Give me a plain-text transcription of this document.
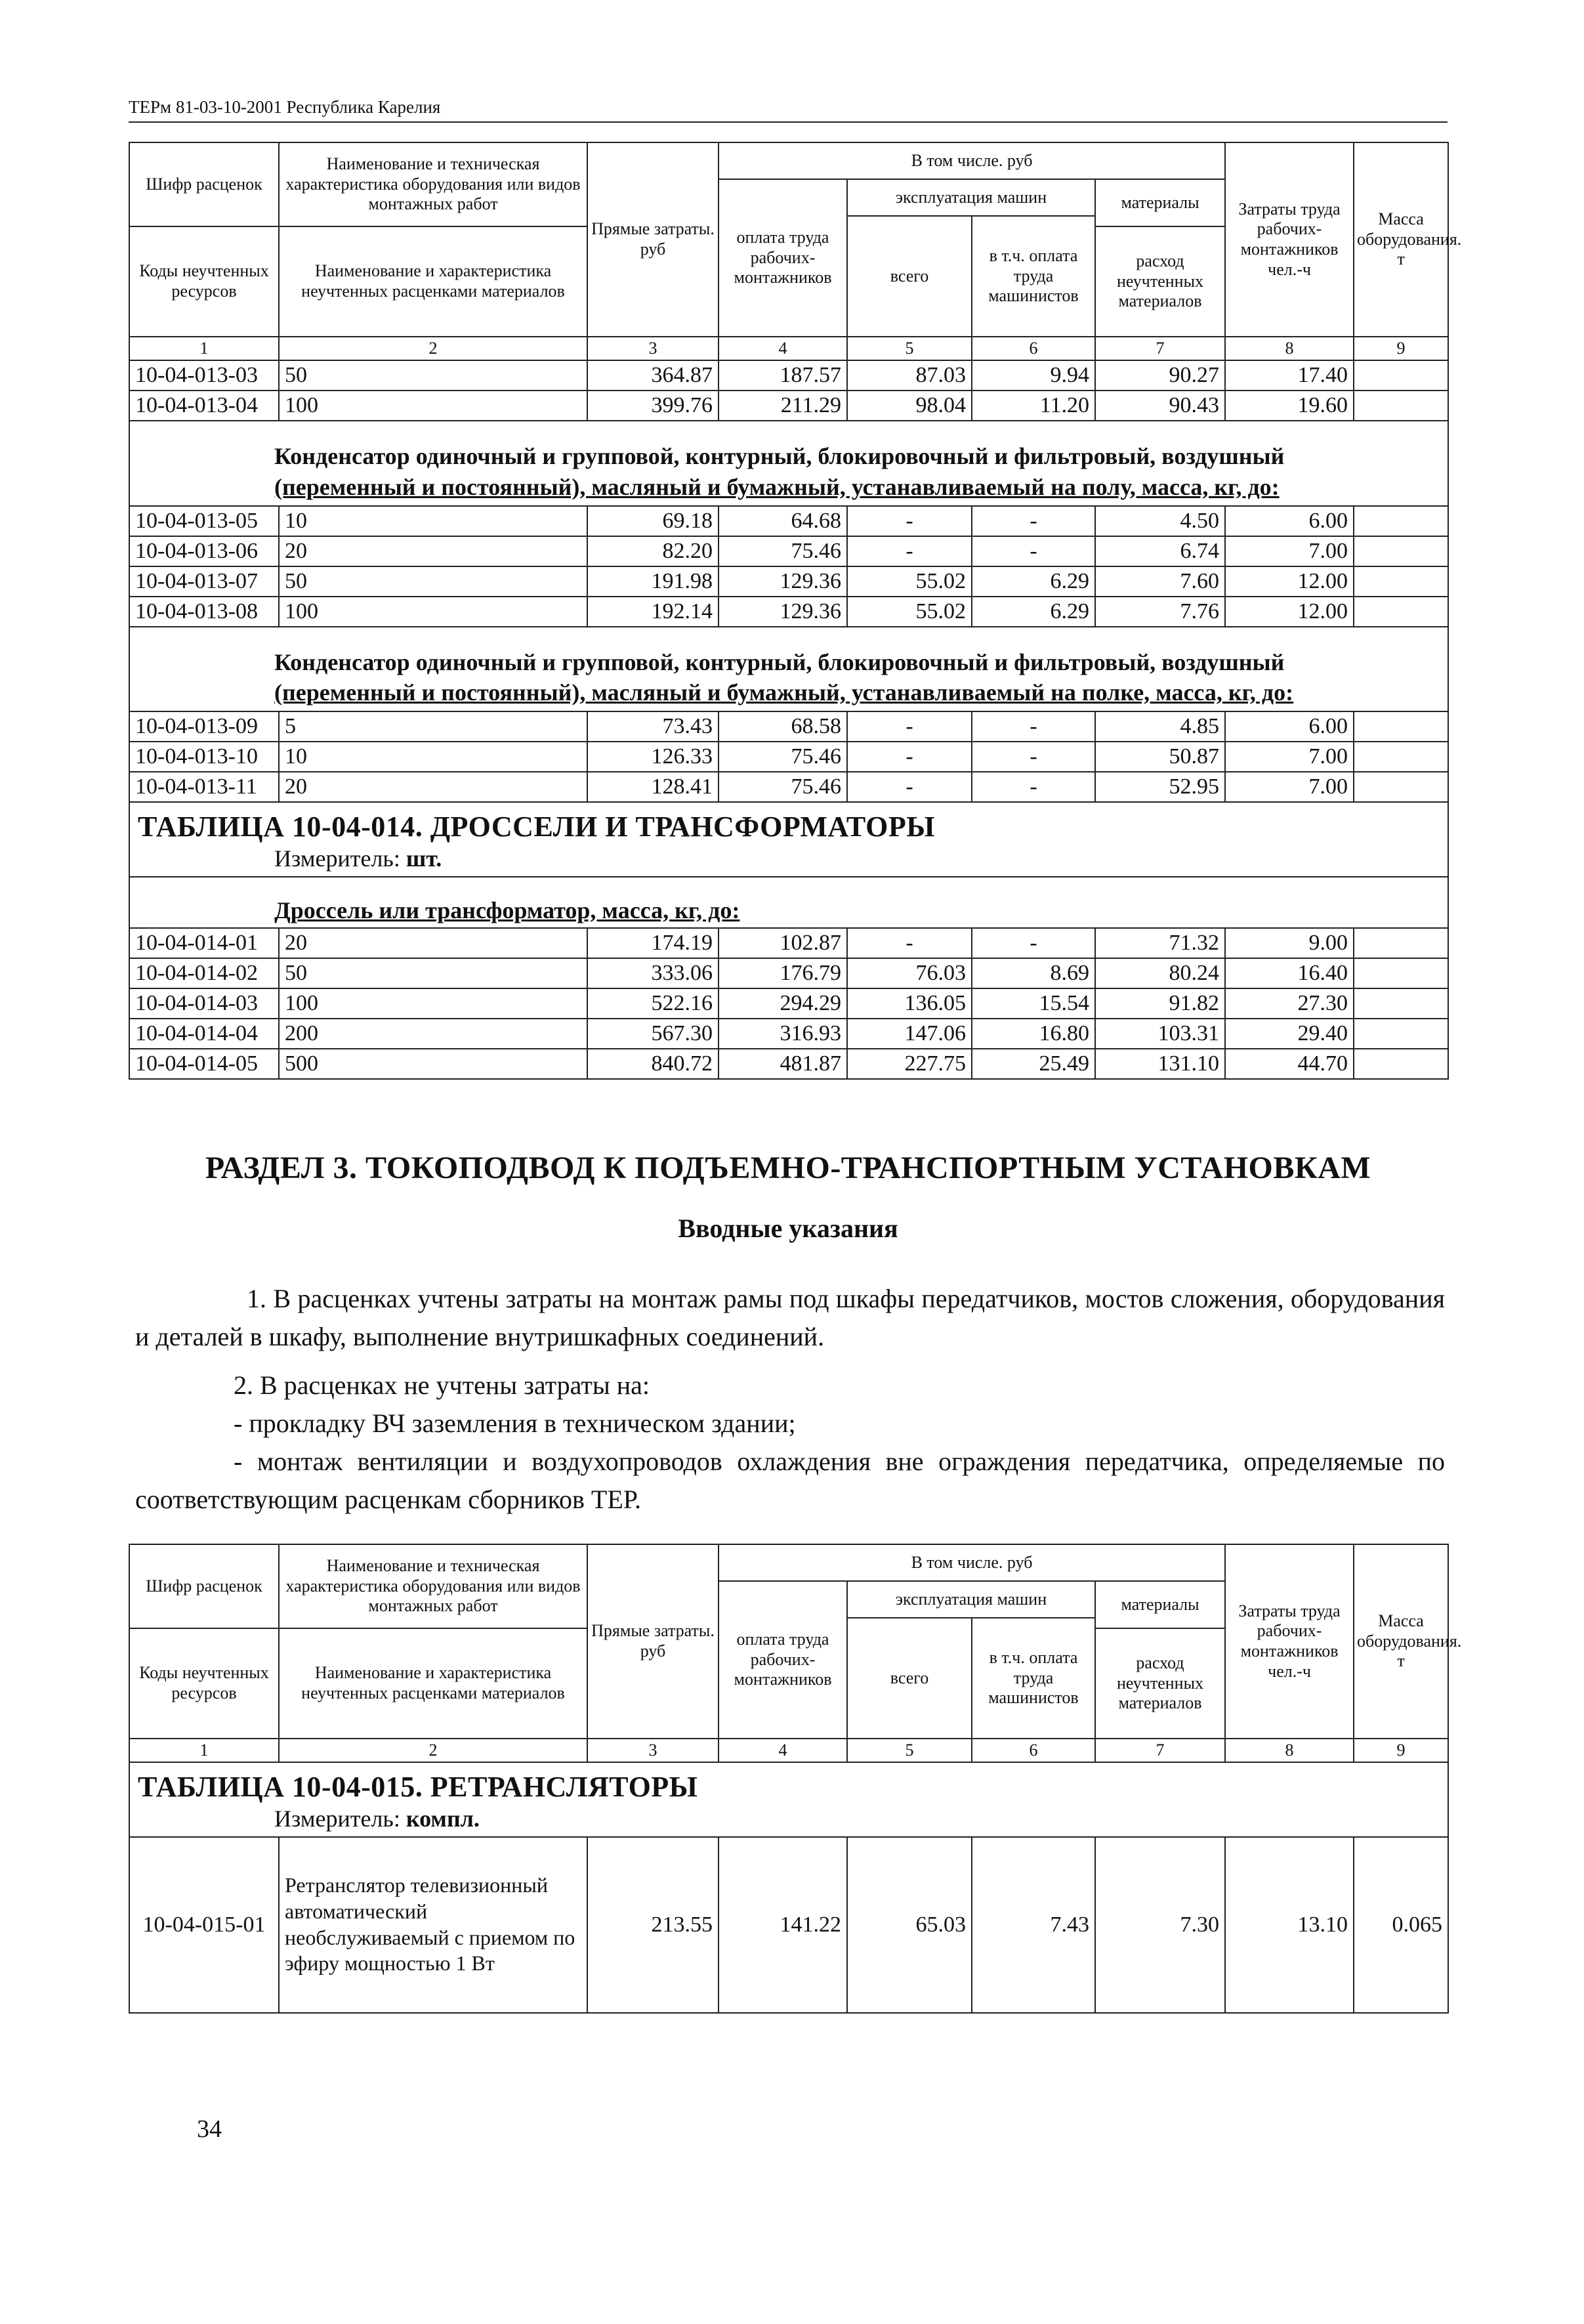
ТЕРм 81-03-10-2001 Республика Карелия
Шифр расценок	Наименование и техническая характеристика оборудования или видов монтажных работ	Прямые затраты. руб	В том числе. руб				Затраты труда рабочих-монтажников чел.-ч	Масса оборудования. т
			оплата труда рабочих-монтажников	эксплуатация машин		материалы		
				всего	в т.ч. оплата труда машинистов			
Коды неучтенных ресурсов	Наименование и характеристика неучтенных расценками материалов					расход неучтенных материалов		

1	2	3	4	5	6	7	8	9
10-04-013-03	50	364.87	187.57	87.03	9.94	90.27	17.40	
10-04-013-04	100	399.76	211.29	98.04	11.20	90.43	19.60	
Конденсатор одиночный и групповой, контурный, блокировочный и фильтровый, воздушный
(переменный и постоянный), масляный и бумажный, устанавливаемый на полу, масса, кг, до:								
10-04-013-05	10	69.18	64.68	-	-	4.50	6.00	
10-04-013-06	20	82.20	75.46	-	-	6.74	7.00	
10-04-013-07	50	191.98	129.36	55.02	6.29	7.60	12.00	
10-04-013-08	100	192.14	129.36	55.02	6.29	7.76	12.00	
Конденсатор одиночный и групповой, контурный, блокировочный и фильтровый, воздушный
(переменный и постоянный), масляный и бумажный, устанавливаемый на полке, масса, кг, до:								
10-04-013-09	5	73.43	68.58	-	-	4.85	6.00	
10-04-013-10	10	126.33	75.46	-	-	50.87	7.00	
10-04-013-11	20	128.41	75.46	-	-	52.95	7.00	

ТАБЛИЦА 10-04-014. ДРОССЕЛИ И ТРАНСФОРМАТОРЫ
Измеритель: шт.								

Дроссель или трансформатор, масса, кг, до:								
10-04-014-01	20	174.19	102.87	-	-	71.32	9.00	
10-04-014-02	50	333.06	176.79	76.03	8.69	80.24	16.40	
10-04-014-03	100	522.16	294.29	136.05	15.54	91.82	27.30	
10-04-014-04	200	567.30	316.93	147.06	16.80	103.31	29.40	
10-04-014-05	500	840.72	481.87	227.75	25.49	131.10	44.70	
РАЗДЕЛ 3. ТОКОПОДВОД К ПОДЪЕМНО-ТРАНСПОРТНЫМ УСТАНОВКАМ
Вводные указания
1. В расценках учтены затраты на монтаж рамы под шкафы передатчиков, мостов сложения, оборудования и деталей в шкафу, выполнение внутришкафных соединений.
2. В расценках не учтены затраты на:
- прокладку ВЧ заземления в техническом здании;
- монтаж вентиляции и воздухопроводов охлаждения вне ограждения передатчика, определяемые по соответствующим расценкам сборников ТЕР.
Шифр расценок	Наименование и техническая характеристика оборудования или видов монтажных работ	Прямые затраты. руб	В том числе. руб				Затраты труда рабочих-монтажников чел.-ч	Масса оборудования. т
			оплата труда рабочих-монтажников	эксплуатация машин		материалы		
				всего	в т.ч. оплата труда машинистов			
Коды неучтенных ресурсов	Наименование и характеристика неучтенных расценками материалов					расход неучтенных материалов		

1	2	3	4	5	6	7	8	9

ТАБЛИЦА 10-04-015. РЕТРАНСЛЯТОРЫ
Измеритель: компл.								

10-04-015-01	Ретранслятор телевизионный автоматический необслуживаемый с приемом по эфиру мощностью 1 Вт	213.55	141.22	65.03	7.43	7.30	13.10	0.065
34
